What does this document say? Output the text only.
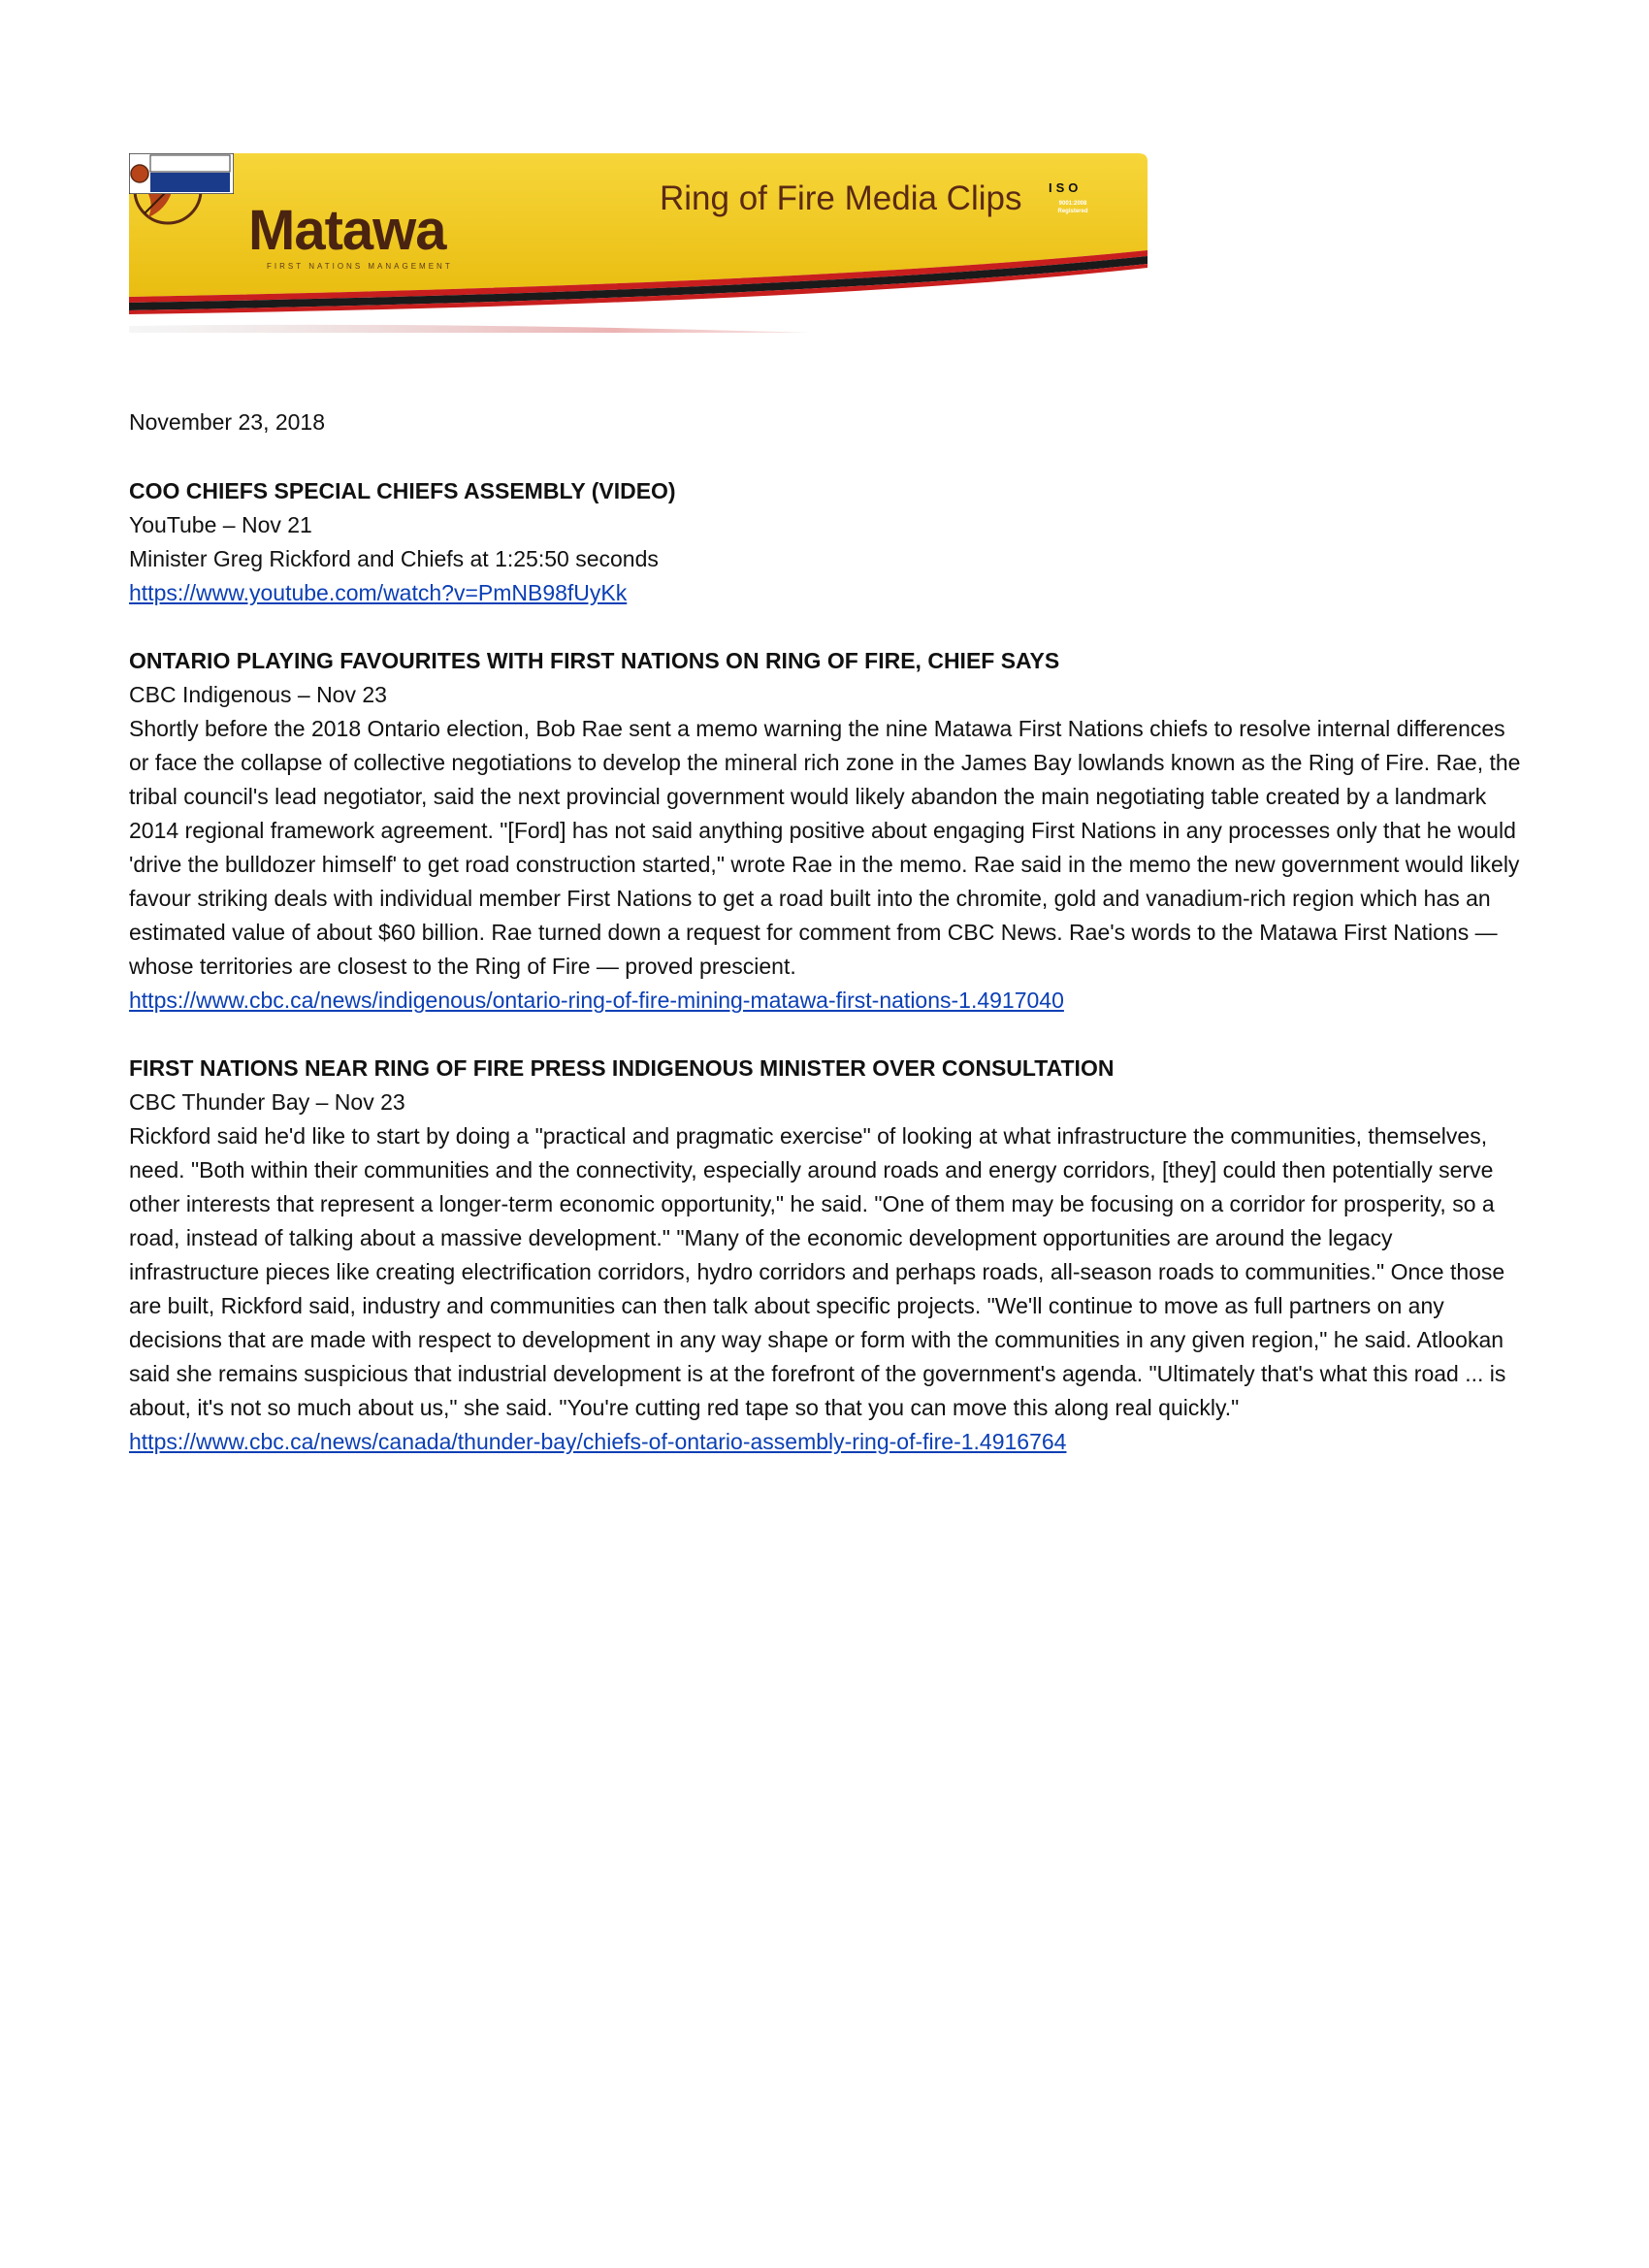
Matawa
FIRST NATIONS MANAGEMENT
Ring of Fire Media Clips ISO
9001:2008
Registered

November 23, 2018

COO CHIEFS SPECIAL CHIEFS ASSEMBLY (VIDEO)

YouTube – Nov 21

Minister Greg Rickford and Chiefs at 1:25:50 seconds

https://www.youtube.com/watch?v=PmNB98fUyKk

ONTARIO PLAYING FAVOURITES WITH FIRST NATIONS ON RING OF FIRE, CHIEF SAYS

CBC Indigenous – Nov 23

Shortly before the 2018 Ontario election, Bob Rae sent a memo warning the nine Matawa First Nations chiefs to resolve internal differences or face the collapse of collective negotiations to develop the mineral rich zone in the James Bay lowlands known as the Ring of Fire. Rae, the tribal council's lead negotiator, said the next provincial government would likely abandon the main negotiating table created by a landmark 2014 regional framework agreement. "[Ford] has not said anything positive about engaging First Nations in any processes only that he would 'drive the bulldozer himself' to get road construction started," wrote Rae in the memo. Rae said in the memo the new government would likely favour striking deals with individual member First Nations to get a road built into the chromite, gold and vanadium-rich region which has an estimated value of about $60 billion. Rae turned down a request for comment from CBC News. Rae's words to the Matawa First Nations — whose territories are closest to the Ring of Fire — proved prescient.

https://www.cbc.ca/news/indigenous/ontario-ring-of-fire-mining-matawa-first-nations-1.4917040

FIRST NATIONS NEAR RING OF FIRE PRESS INDIGENOUS MINISTER OVER CONSULTATION

CBC Thunder Bay – Nov 23

Rickford said he'd like to start by doing a "practical and pragmatic exercise" of looking at what infrastructure the communities, themselves, need. "Both within their communities and the connectivity, especially around roads and energy corridors, [they] could then potentially serve other interests that represent a longer-term economic opportunity," he said. "One of them may be focusing on a corridor for prosperity, so a road, instead of talking about a massive development." "Many of the economic development opportunities are around the legacy infrastructure pieces like creating electrification corridors, hydro corridors and perhaps roads, all-season roads to communities." Once those are built, Rickford said, industry and communities can then talk about specific projects. "We'll continue to move as full partners on any decisions that are made with respect to development in any way shape or form with the communities in any given region," he said. Atlookan said she remains suspicious that industrial development is at the forefront of the government's agenda. "Ultimately that's what this road ... is about, it's not so much about us," she said. "You're cutting red tape so that you can move this along real quickly."

https://www.cbc.ca/news/canada/thunder-bay/chiefs-of-ontario-assembly-ring-of-fire-1.4916764
